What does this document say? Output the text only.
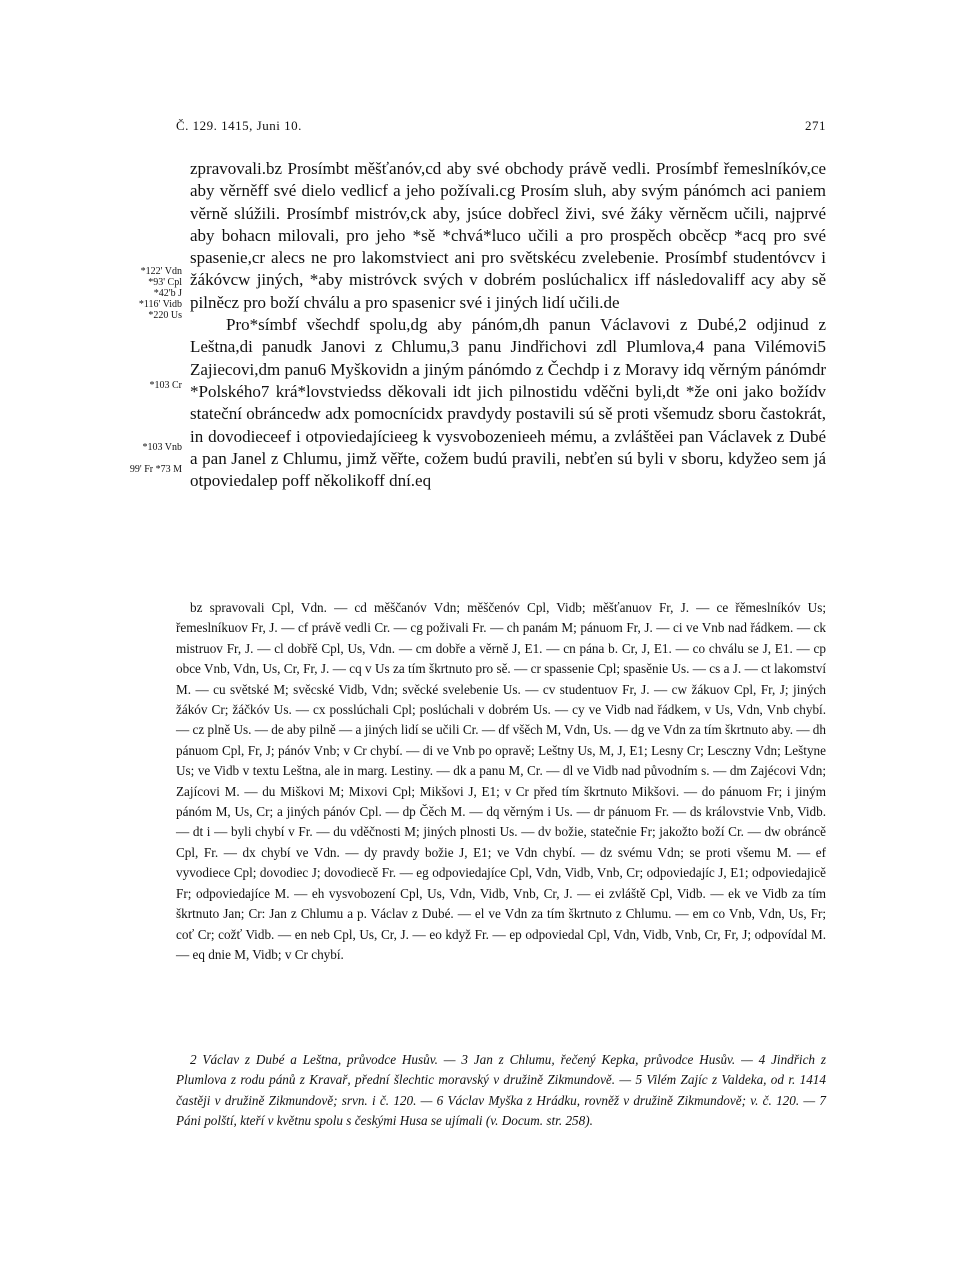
Č. 129. 1415, Juni 10.	271
*122' Vdn
*93' Cpl
*42'b J
*116' Vidb
*220 Us
*103 Cr
*103 Vnb
99' Fr *73 M

zpravovali.bz Prosímbt měšťanóv,cd aby své obchody právě vedli. Prosímbf řemeslníkóv,ce aby věrněff své dielo vedlicf a jeho požívali.cg Prosím sluh, aby svým pánómch aci paniem věrně slúžili. Prosímbf mistróv,ck aby, jsúce dobřecl živi, své žáky věrněcm učili, najprvé aby bohacn milovali, pro jeho *sě *chvá*luco učili a pro prospěch obcěcp *acq pro své spasenie,cr alecs ne pro lakomstviect ani pro světskécu zvelebenie. Prosímbf studentóvcv i žákóvcw jiných, *aby mistróvck svých v dobrém poslúchalicx iff následovaliff acy aby sě pilněcz pro boží chválu a pro spasenicr své i jiných lidí učili.de

Pro*símbf všechdf spolu,dg aby pánóm,dh panun Václavovi z Dubé,2 odjinud z Leštna,di panudk Janovi z Chlumu,3 panu Jindřichovi zdl Plumlova,4 pana Vilémovi5 Zajiecovi,dm panu6 Myškovidn a jiným pánómdo z Čechdp i z Moravy idq věrným pánómdr *Polského7 krá*lovstviedss děkovali idt jich pilnostidu vděčni byli,dt *že oni jako božídv stateční obráncedw adx pomocnícidx pravdydy postavili sú sě proti všemudz sboru častokrát, in dovodieceef i otpoviedajícieeg k vysvobozenieeh mému, a zvláštěei pan Václavek z Dubé a pan Janel z Chlumu, jimž věřte, cožem budú pravili, nebťen sú byli v sboru, kdyžeo sem já otpoviedalep poff několikoff dní.eq

bz spravovali Cpl, Vdn. — cd měščanóv Vdn; měščenóv Cpl, Vidb; měšťanuov Fr, J. — ce řěmeslníkóv Us; řemeslníkuov Fr, J. — cf právě vedli Cr. — cg poživali Fr. — ch panám M; pánuom Fr, J. — ci ve Vnb nad řádkem. — ck mistruov Fr, J. — cl dobřě Cpl, Us, Vdn. — cm dobře a věrně J, E1. — cn pána b. Cr, J, E1. — co chválu se J, E1. — cp obce Vnb, Vdn, Us, Cr, Fr, J. — cq v Us za tím škrtnuto pro sě. — cr spassenie Cpl; spasěnie Us. — cs a J. — ct lakomství M. — cu světské M; svěcské Vidb, Vdn; svěcké svelebenie Us. — cv studentuov Fr, J. — cw žákuov Cpl, Fr, J; jiných žákóv Cr; žáčkóv Us. — cx posslúchali Cpl; poslúchali v dobrém Us. — cy ve Vidb nad řádkem, v Us, Vdn, Vnb chybí. — cz plně Us. — de aby pilně — a jiných lidí se učili Cr. — df všěch M, Vdn, Us. — dg ve Vdn za tím škrtnuto aby. — dh pánuom Cpl, Fr, J; pánóv Vnb; v Cr chybí. — di ve Vnb po opravě; Leštny Us, M, J, E1; Lesny Cr; Lesczny Vdn; Leštyne Us; ve Vidb v textu Leštna, ale in marg. Lestiny. — dk a panu M, Cr. — dl ve Vidb nad původním s. — dm Zajécovi Vdn; Zajícovi M. — du Miškovi M; Mixovi Cpl; Mikšovi J, E1; v Cr před tím škrtnuto Mikšovi. — do pánuom Fr; i jiným pánóm M, Us, Cr; a jiných pánóv Cpl. — dp Čěch M. — dq věrným i Us. — dr pánuom Fr. — ds královstvie Vnb, Vidb. — dt i — byli chybí v Fr. — du vděčnosti M; jiných plnosti Us. — dv božie, statečnie Fr; jakožto boží Cr. — dw obráncě Cpl, Fr. — dx chybí ve Vdn. — dy pravdy božie J, E1; ve Vdn chybí. — dz svému Vdn; se proti všemu M. — ef vyvodiece Cpl; dovodiec J; dovodiecě Fr. — eg odpoviedajíce Cpl, Vdn, Vidb, Vnb, Cr; odpoviedajíc J, E1; odpoviedajicě Fr; odpoviedajíce M. — eh vysvobození Cpl, Us, Vdn, Vidb, Vnb, Cr, J. — ei zvláště Cpl, Vidb. — ek ve Vidb za tím škrtnuto Jan; Cr: Jan z Chlumu a p. Václav z Dubé. — el ve Vdn za tím škrtnuto z Chlumu. — em co Vnb, Vdn, Us, Fr; coť Cr; cožť Vidb. — en neb Cpl, Us, Cr, J. — eo když Fr. — ep odpoviedal Cpl, Vdn, Vidb, Vnb, Cr, Fr, J; odpovídal M. — eq dnie M, Vidb; v Cr chybí.

2 Václav z Dubé a Leštna, průvodce Husův. — 3 Jan z Chlumu, řečený Kepka, průvodce Husův. — 4 Jindřich z Plumlova z rodu pánů z Kravař, přední šlechtic moravský v družině Zikmundově. — 5 Vilém Zajíc z Valdeka, od r. 1414 častěji v družině Zikmundově; srvn. i č. 120. — 6 Václav Myška z Hrádku, rovněž v družině Zikmundově; v. č. 120. — 7 Páni polští, kteří v květnu spolu s českými Husa se ujímali (v. Docum. str. 258).
